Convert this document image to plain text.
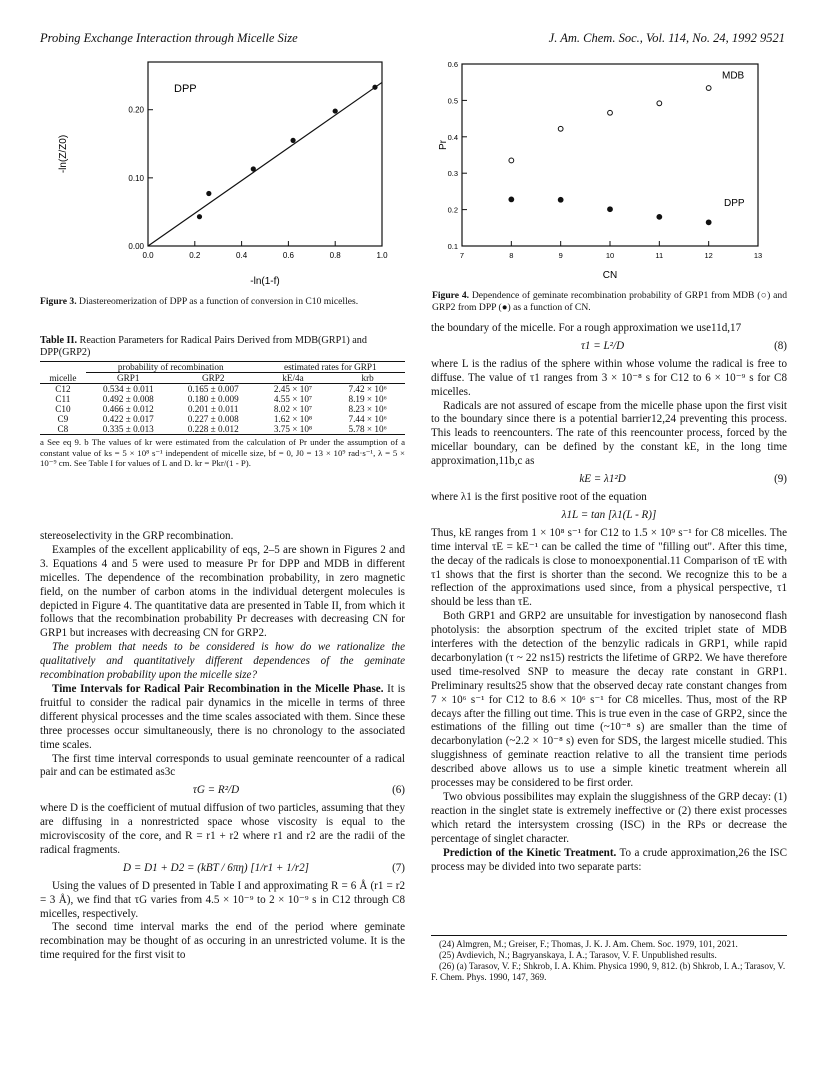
Probing Exchange Interaction through Micelle Size	J. Am. Chem. Soc., Vol. 114, No. 24, 1992 9521
0.0	0.2	0.4	0.6	0.8	1.0
0.00
0.10
0.20
DPP
-ln(1-f)
-ln(Z/Z0)
Figure 3. Diastereomerization of DPP as a function of conversion in C10 micelles.
7	8	9	10	11	12	13
0.1
0.2
0.3
0.4
0.5
0.6
MDB
DPP
CN
Pr
Figure 4. Dependence of geminate recombination probability of GRP1 from MDB (○) and GRP2 from DPP (●) as a function of CN.
Table II. Reaction Parameters for Radical Pairs Derived from MDB(GRP1) and DPP(GRP2)
	probability of recombination		estimated rates for GRP1	
micelle	GRP1	GRP2	kE/4a	krb
C12	0.534 ± 0.011	0.165 ± 0.007	2.45 × 10⁷	7.42 × 10⁶
C11	0.492 ± 0.008	0.180 ± 0.009	4.55 × 10⁷	8.19 × 10⁶
C10	0.466 ± 0.012	0.201 ± 0.011	8.02 × 10⁷	8.23 × 10⁶
C9	0.422 ± 0.017	0.227 ± 0.008	1.62 × 10⁸	7.44 × 10⁶
C8	0.335 ± 0.013	0.228 ± 0.012	3.75 × 10⁸	5.78 × 10⁶
a See eq 9. b The values of kr were estimated from the calculation of Pr under the assumption of a constant value of ks = 5 × 10⁸ s⁻¹ independent of micelle size, bf = 0, J0 = 13 × 10⁹ rad·s⁻¹, λ = 5 × 10⁻⁹ cm. See Table I for values of L and D. kr = Pkr/(1 - P).

stereoselectivity in the GRP recombination.

Examples of the excellent applicability of eqs, 2–5 are shown in Figures 2 and 3. Equations 4 and 5 were used to measure Pr for DPP and MDB in different micelles. The dependence of the recombination probability, in zero magnetic field, on the number of carbon atoms in the individual detergent molecules is depicted in Figure 4. The quantitative data are presented in Table II, from which it follows that the recombination probability Pr decreases with decreasing CN for GRP1 but increases with decreasing CN for GRP2.

The problem that needs to be considered is how do we rationalize the qualitatively and quantitatively different dependences of the geminate recombination probability upon the micelle size?

Time Intervals for Radical Pair Recombination in the Micelle Phase. It is fruitful to consider the radical pair dynamics in the micelle in terms of three different physical processes and the time scales associated with them. Since these three processes occur simultaneously, there is no chronology to the associated time scales.

The first time interval corresponds to usual geminate reencounter of a radical pair and can be estimated as3c

τG = R²/D	(6)

where D is the coefficient of mutual diffusion of two particles, assuming that they are diffusing in a nonrestricted space whose viscosity is equal to the microviscosity of the core, and R = r1 + r2 where r1 and r2 are the radii of the radical fragments.

D = D1 + D2 = (kBT / 6πη) [1/r1 + 1/r2]	(7)

Using the values of D presented in Table I and approximating R = 6 Å (r1 = r2 = 3 Å), we find that τG varies from 4.5 × 10⁻⁹ to 2 × 10⁻⁹ s in C12 through C8 micelles, respectively.

The second time interval marks the end of the period where geminate recombination may be thought of as occuring in an unrestricted volume. It is the time required for the first visit to

the boundary of the micelle. For a rough approximation we use11d,17

τ1 = L²/D	(8)

where L is the radius of the sphere within whose volume the radical is free to diffuse. The value of τ1 ranges from 3 × 10⁻⁸ s for C12 to 6 × 10⁻⁹ s for C8 micelles.

Radicals are not assured of escape from the micelle phase upon the first visit to the boundary since there is a potential barrier12,24 preventing this process. This leads to reencounters. The rate of this reencounter process, forced by the micellar boundary, can be defined by the constant kE, in the long time approximation,11b,c as

kE = λ1²D	(9)

where λ1 is the first positive root of the equation

λ1L = tan [λ1(L - R)]

Thus, kE ranges from 1 × 10⁸ s⁻¹ for C12 to 1.5 × 10⁹ s⁻¹ for C8 micelles. The time interval τE = kE⁻¹ can be called the time of "filling out". After this time, the decay of the radicals is close to monoexponential.11 Comparison of τE with τ1 shows that the first is shorter than the second. We recognize this to be a reflection of the approximations used since, from a physical perspective, τ1 should be less than τE.

Both GRP1 and GRP2 are unsuitable for investigation by nanosecond flash photolysis: the absorption spectrum of the excited triplet state of MDB interferes with the detection of the benzylic radicals in GRP1, while rapid decarbonylation (τ ~ 22 ns15) restricts the lifetime of GRP2. We have therefore used time-resolved SNP to measure the decay rate constant in GRP1. Preliminary results25 show that the observed decay rate constant changes from 7 × 10⁶ s⁻¹ for C12 to 8.6 × 10⁶ s⁻¹ for C8 micelles. Thus, most of the RP decays after the filling out time. This is true even in the case of GRP2, since the estimations of the filling out time (~10⁻⁸ s) are smaller than the time of decarbonylation (~2.2 × 10⁻⁸ s) even for SDS, the largest micelle studied. This sluggishness of geminate reaction relative to all the transient time periods described above allows us to use a simple kinetic treatment wherein all processes may be considered to be first order.

Two obvious possibilites may explain the sluggishness of the GRP decay: (1) reaction in the singlet state is extremely ineffective or (2) there exist processes which retard the intersystem crossing (ISC) in the RPs or decrease the percentage of singlet character.

Prediction of the Kinetic Treatment. To a crude approximation,26 the ISC process may be divided into two separate parts:

(24) Almgren, M.; Greiser, F.; Thomas, J. K. J. Am. Chem. Soc. 1979, 101, 2021.
(25) Avdievich, N.; Bagryanskaya, I. A.; Tarasov, V. F. Unpublished results.
(26) (a) Tarasov, V. F.; Shkrob, I. A. Khim. Physica 1990, 9, 812. (b) Shkrob, I. A.; Tarasov, V. F. Chem. Phys. 1990, 147, 369.
